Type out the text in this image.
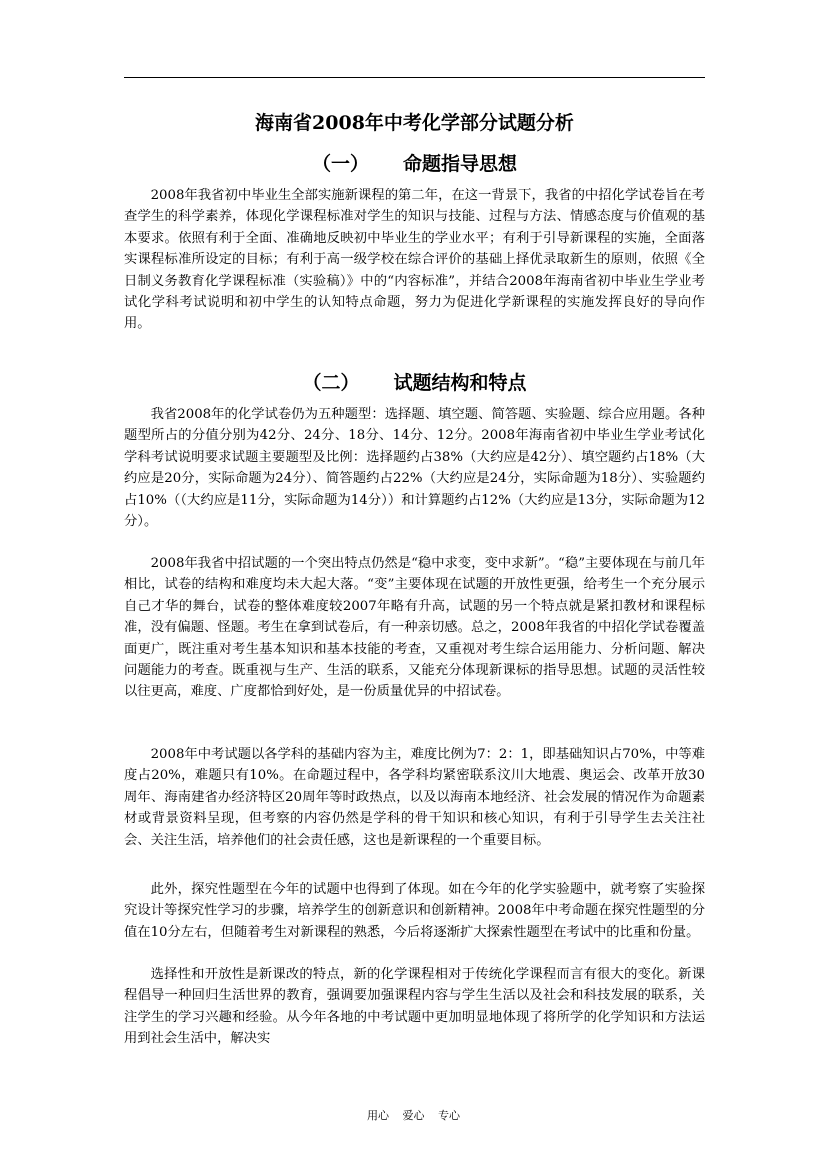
海南省2008年中考化学部分试题分析
（一） 命题指导思想

2008年我省初中毕业生全部实施新课程的第二年，在这一背景下，我省的中招化学试卷旨在考查学生的科学素养，体现化学课程标准对学生的知识与技能、过程与方法、情感态度与价值观的基本要求。依照有利于全面、准确地反映初中毕业生的学业水平；有利于引导新课程的实施，全面落实课程标准所设定的目标；有利于高一级学校在综合评价的基础上择优录取新生的原则，依照《全日制义务教育化学课程标准（实验稿）》中的“内容标准”，并结合2008年海南省初中毕业生学业考试化学科考试说明和初中学生的认知特点命题，努力为促进化学新课程的实施发挥良好的导向作用。

（二） 试题结构和特点

我省2008年的化学试卷仍为五种题型：选择题、填空题、简答题、实验题、综合应用题。各种题型所占的分值分别为42分、24分、18分、14分、12分。2008年海南省初中毕业生学业考试化学科考试说明要求试题主要题型及比例：选择题约占38%（大约应是42分）、填空题约占18%（大约应是20分，实际命题为24分）、简答题约占22%（大约应是24分，实际命题为18分）、实验题约占10%（（大约应是11分，实际命题为14分））和计算题约占12%（大约应是13分，实际命题为12分）。

2008年我省中招试题的一个突出特点仍然是“稳中求变，变中求新”。“稳”主要体现在与前几年相比，试卷的结构和难度均未大起大落。“变”主要体现在试题的开放性更强，给考生一个充分展示自己才华的舞台，试卷的整体难度较2007年略有升高，试题的另一个特点就是紧扣教材和课程标准，没有偏题、怪题。考生在拿到试卷后，有一种亲切感。总之，2008年我省的中招化学试卷覆盖面更广，既注重对考生基本知识和基本技能的考查，又重视对考生综合运用能力、分析问题、解决问题能力的考查。既重视与生产、生活的联系，又能充分体现新课标的指导思想。试题的灵活性较以往更高，难度、广度都恰到好处，是一份质量优异的中招试卷。

2008年中考试题以各学科的基础内容为主，难度比例为7：2：1，即基础知识占70%，中等难度占20%，难题只有10%。在命题过程中，各学科均紧密联系汶川大地震、奥运会、改革开放30周年、海南建省办经济特区20周年等时政热点，以及以海南本地经济、社会发展的情况作为命题素材或背景资料呈现，但考察的内容仍然是学科的骨干知识和核心知识，有利于引导学生去关注社会、关注生活，培养他们的社会责任感，这也是新课程的一个重要目标。

此外，探究性题型在今年的试题中也得到了体现。如在今年的化学实验题中，就考察了实验探究设计等探究性学习的步骤，培养学生的创新意识和创新精神。2008年中考命题在探究性题型的分值在10分左右，但随着考生对新课程的熟悉，今后将逐渐扩大探索性题型在考试中的比重和份量。

选择性和开放性是新课改的特点，新的化学课程相对于传统化学课程而言有很大的变化。新课程倡导一种回归生活世界的教育，强调要加强课程内容与学生生活以及社会和科技发展的联系，关注学生的学习兴趣和经验。从今年各地的中考试题中更加明显地体现了将所学的化学知识和方法运用到社会生活中，解决实

用心 爱心 专心
